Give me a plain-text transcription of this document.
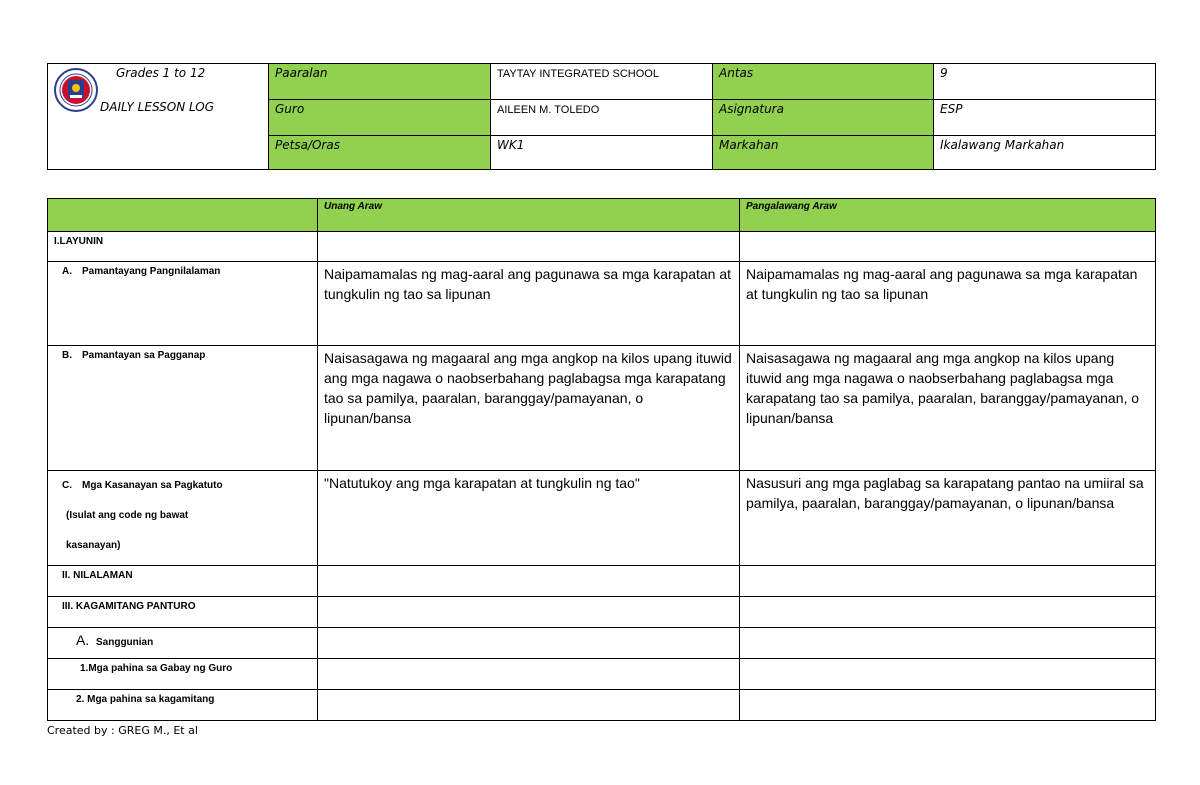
Grades 1 to 12
DAILY LESSON LOG	Paaralan	TAYTAY INTEGRATED SCHOOL	Antas	9
	Guro	AILEEN M. TOLEDO	Asignatura	ESP
	Petsa/Oras	WK1	Markahan	Ikalawang Markahan
	Unang Araw	Pangalawang Araw
I.LAYUNIN		
A. Pamantayang Pangnilalaman	Naipamamalas ng mag-aaral ang pagunawa sa mga karapatan at tungkulin ng tao sa lipunan	Naipamamalas ng mag-aaral ang pagunawa sa mga karapatan at tungkulin ng tao sa lipunan
B. Pamantayan sa Pagganap	Naisasagawa ng magaaral ang mga angkop na kilos upang ituwid ang mga nagawa o naobserbahang paglabagsa mga karapatang tao sa pamilya, paaralan, baranggay/pamayanan, o lipunan/bansa	Naisasagawa ng magaaral ang mga angkop na kilos upang ituwid ang mga nagawa o naobserbahang paglabagsa mga karapatang tao sa pamilya, paaralan, baranggay/pamayanan, o lipunan/bansa
C. Mga Kasanayan sa Pagkatuto
(Isulat ang code ng bawat
kasanayan)	"Natutukoy ang mga karapatan at tungkulin ng tao"	Nasusuri ang mga paglabag sa karapatang pantao na umiiral sa pamilya, paaralan, baranggay/pamayanan, o lipunan/bansa
II. NILALAMAN		
III. KAGAMITANG PANTURO		
A. Sanggunian		
1.Mga pahina sa Gabay ng Guro		
2. Mga pahina sa kagamitang		
Created by : GREG M., Et al
